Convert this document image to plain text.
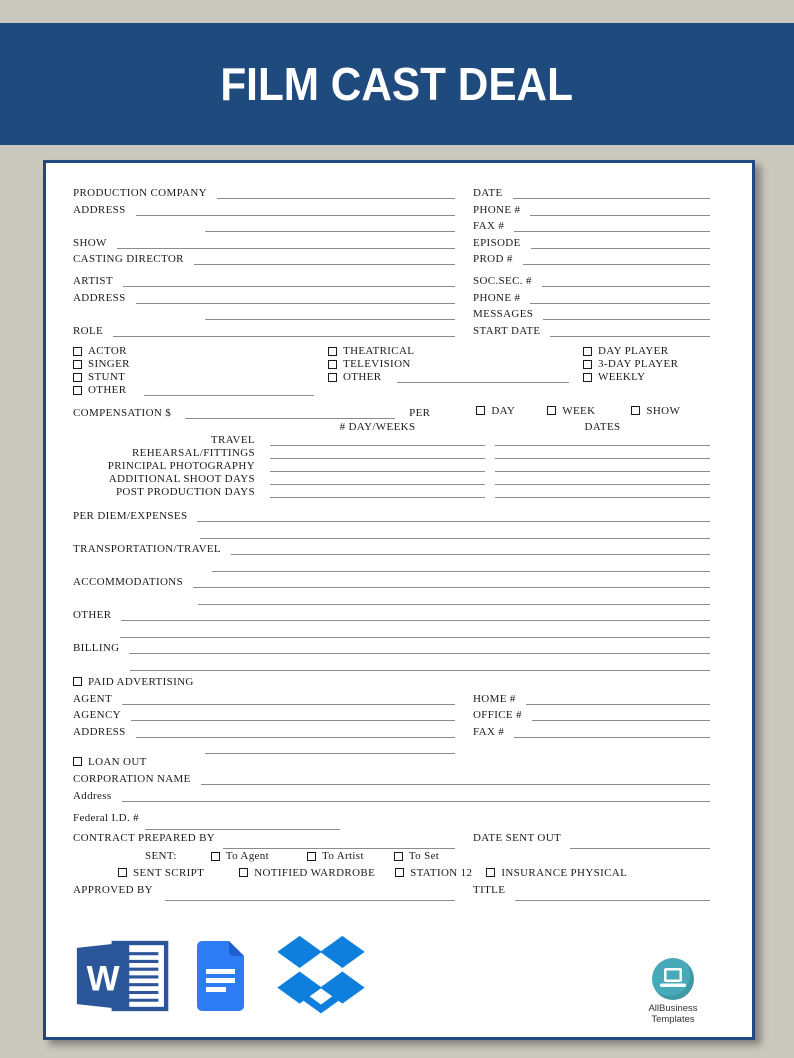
FILM CAST DEAL
PRODUCTION COMPANY	DATE
ADDRESS	PHONE #
FAX #
SHOW	EPISODE
CASTING DIRECTOR	PROD #
ARTIST	SOC.SEC. #
ADDRESS	PHONE #
MESSAGES
ROLE	START DATE
ACTOR	THEATRICAL	DAY PLAYER
SINGER	TELEVISION	3-DAY PLAYER
STUNT	OTHER	WEEKLY
OTHER
COMPENSATION $	PER	DAY	WEEK	SHOW
# DAY/WEEKS	DATES
TRAVEL
REHEARSAL/FITTINGS
PRINCIPAL PHOTOGRAPHY
ADDITIONAL SHOOT DAYS
POST PRODUCTION DAYS
PER DIEM/EXPENSES
TRANSPORTATION/TRAVEL
ACCOMMODATIONS
OTHER
BILLING
PAID ADVERTISING
AGENT	HOME #
AGENCY	OFFICE #
ADDRESS	FAX #
LOAN OUT
CORPORATION NAME
Address
Federal I.D. #
CONTRACT PREPARED BY	DATE SENT OUT
SENT:	To Agent	To Artist	To Set
SENT SCRIPT	NOTIFIED WARDROBE	STATION 12	INSURANCE PHYSICAL
APPROVED BY	TITLE
W
AllBusiness
Templates
